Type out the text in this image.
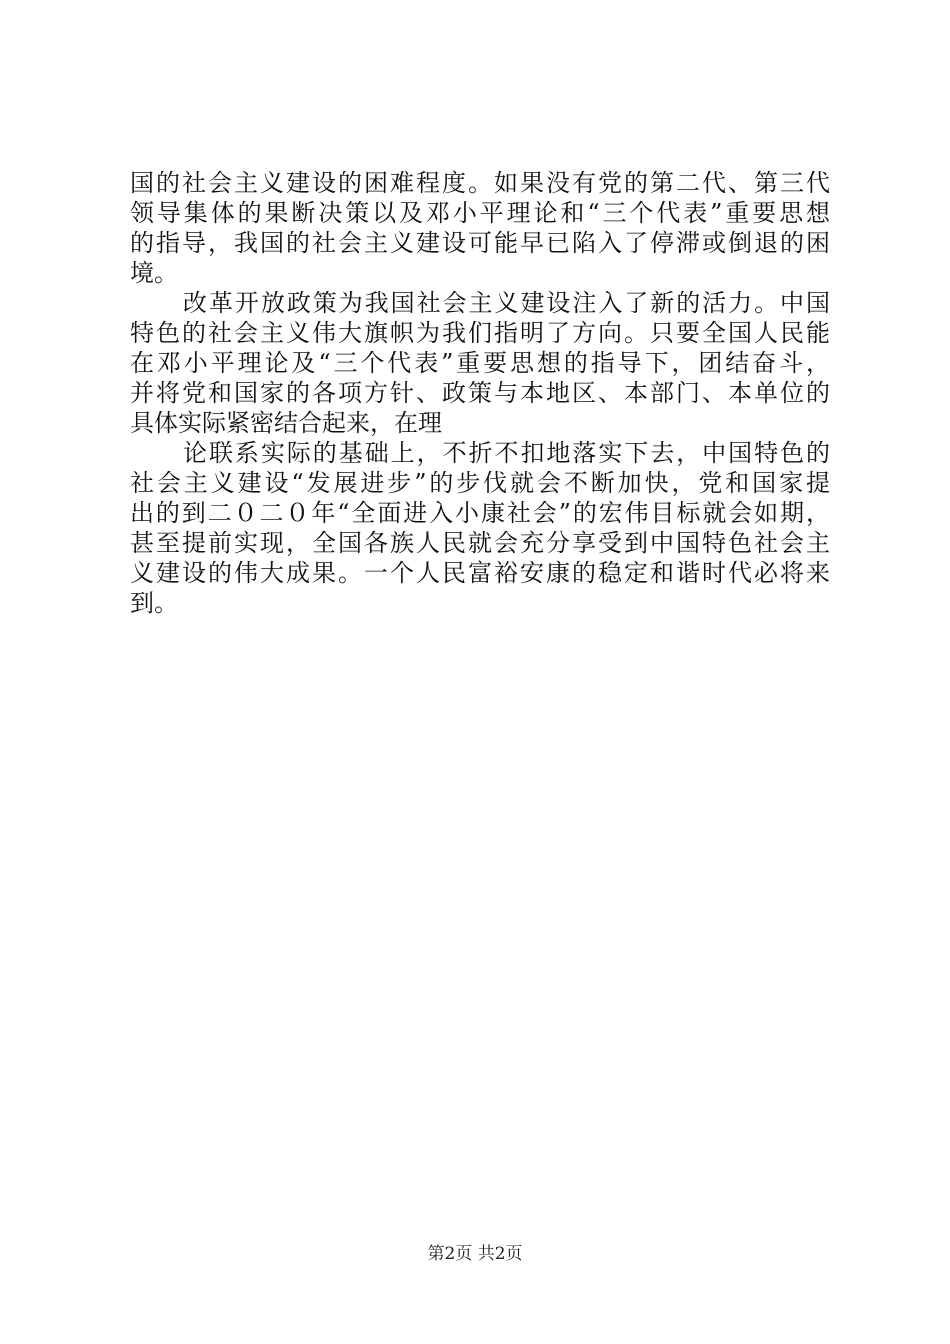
国的社会主义建设的困难程度。如果没有党的第二代、第三代
领导集体的果断决策以及邓小平理论和“三个代表”重要思想
的指导，我国的社会主义建设可能早已陷入了停滞或倒退的困
境。
改革开放政策为我国社会主义建设注入了新的活力。中国
特色的社会主义伟大旗帜为我们指明了方向。只要全国人民能
在邓小平理论及“三个代表”重要思想的指导下，团结奋斗，
并将党和国家的各项方针、政策与本地区、本部门、本单位的
具体实际紧密结合起来，在理
论联系实际的基础上，不折不扣地落实下去，中国特色的
社会主义建设“发展进步”的步伐就会不断加快，党和国家提
出的到二０二０年“全面进入小康社会”的宏伟目标就会如期，
甚至提前实现，全国各族人民就会充分享受到中国特色社会主
义建设的伟大成果。一个人民富裕安康的稳定和谐时代必将来
到。
第2页 共2页
